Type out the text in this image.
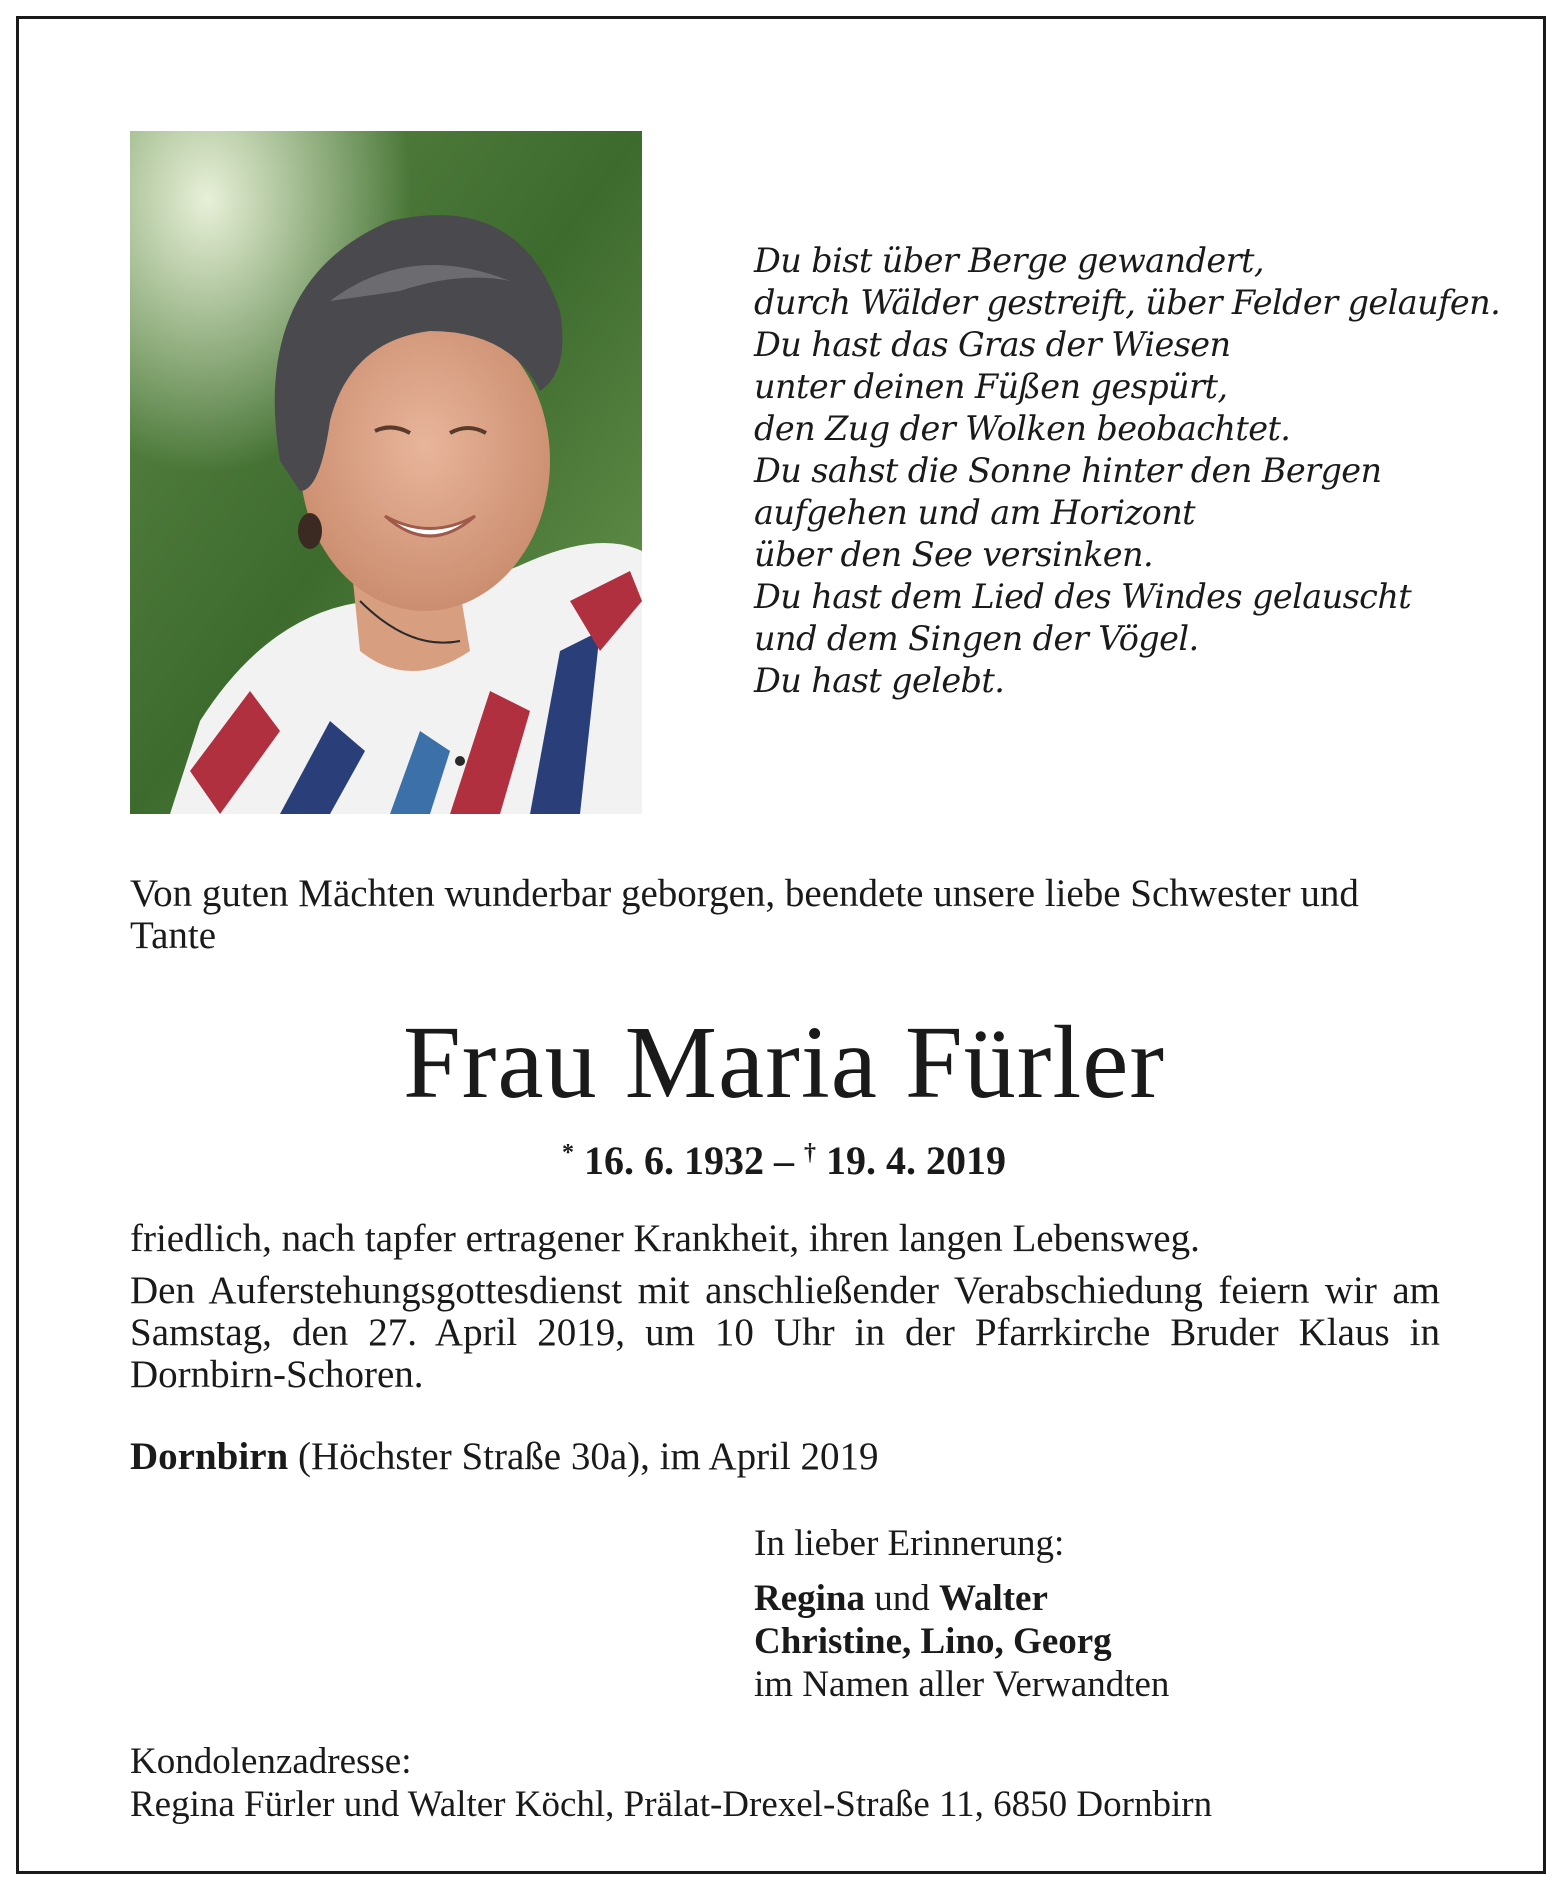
Du bist über Berge gewandert,
durch Wälder gestreift, über Felder gelaufen.
Du hast das Gras der Wiesen
unter deinen Füßen gespürt,
den Zug der Wolken beobachtet.
Du sahst die Sonne hinter den Bergen
aufgehen und am Horizont
über den See versinken.
Du hast dem Lied des Windes gelauscht
und dem Singen der Vögel.
Du hast gelebt.
Von guten Mächten wunderbar geborgen, beendete unsere liebe Schwester und Tante
Frau Maria Fürler
* 16. 6. 1932 – † 19. 4. 2019
friedlich, nach tapfer ertragener Krankheit, ihren langen Lebensweg.
Den Auferstehungsgottesdienst mit anschließender Verabschiedung feiern wir am Samstag, den 27. April 2019, um 10 Uhr in der Pfarrkirche Bruder Klaus in Dornbirn-Schoren.
Dornbirn (Höchster Straße 30a), im April 2019
In lieber Erinnerung:
Regina und Walter
Christine, Lino, Georg
im Namen aller Verwandten
Kondolenzadresse:
Regina Fürler und Walter Köchl, Prälat-Drexel-Straße 11, 6850 Dornbirn
